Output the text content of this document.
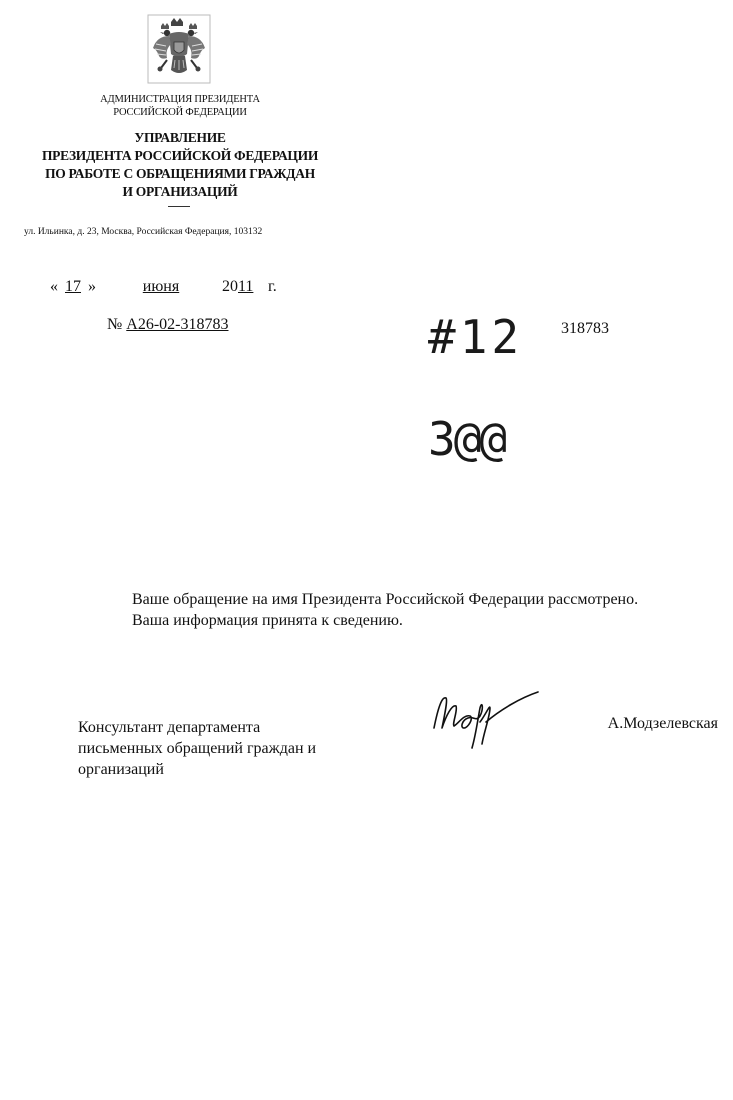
АДМИНИСТРАЦИЯ ПРЕЗИДЕНТА
РОССИЙСКОЙ ФЕДЕРАЦИИ
УПРАВЛЕНИЕ
ПРЕЗИДЕНТА РОССИЙСКОЙ ФЕДЕРАЦИИ
ПО РАБОТЕ С ОБРАЩЕНИЯМИ ГРАЖДАН
И ОРГАНИЗАЦИЙ
ул. Ильинка, д. 23, Москва, Российская Федерация, 103132
« 17 »	июня	2011 г.
№ А26-02-318783	#12 318783
3@@
Ваше обращение на имя Президента Российской Федерации рассмотрено.
Ваша информация принята к сведению.
Консультант департамента
письменных обращений граждан и
организаций
А.Модзелевская
